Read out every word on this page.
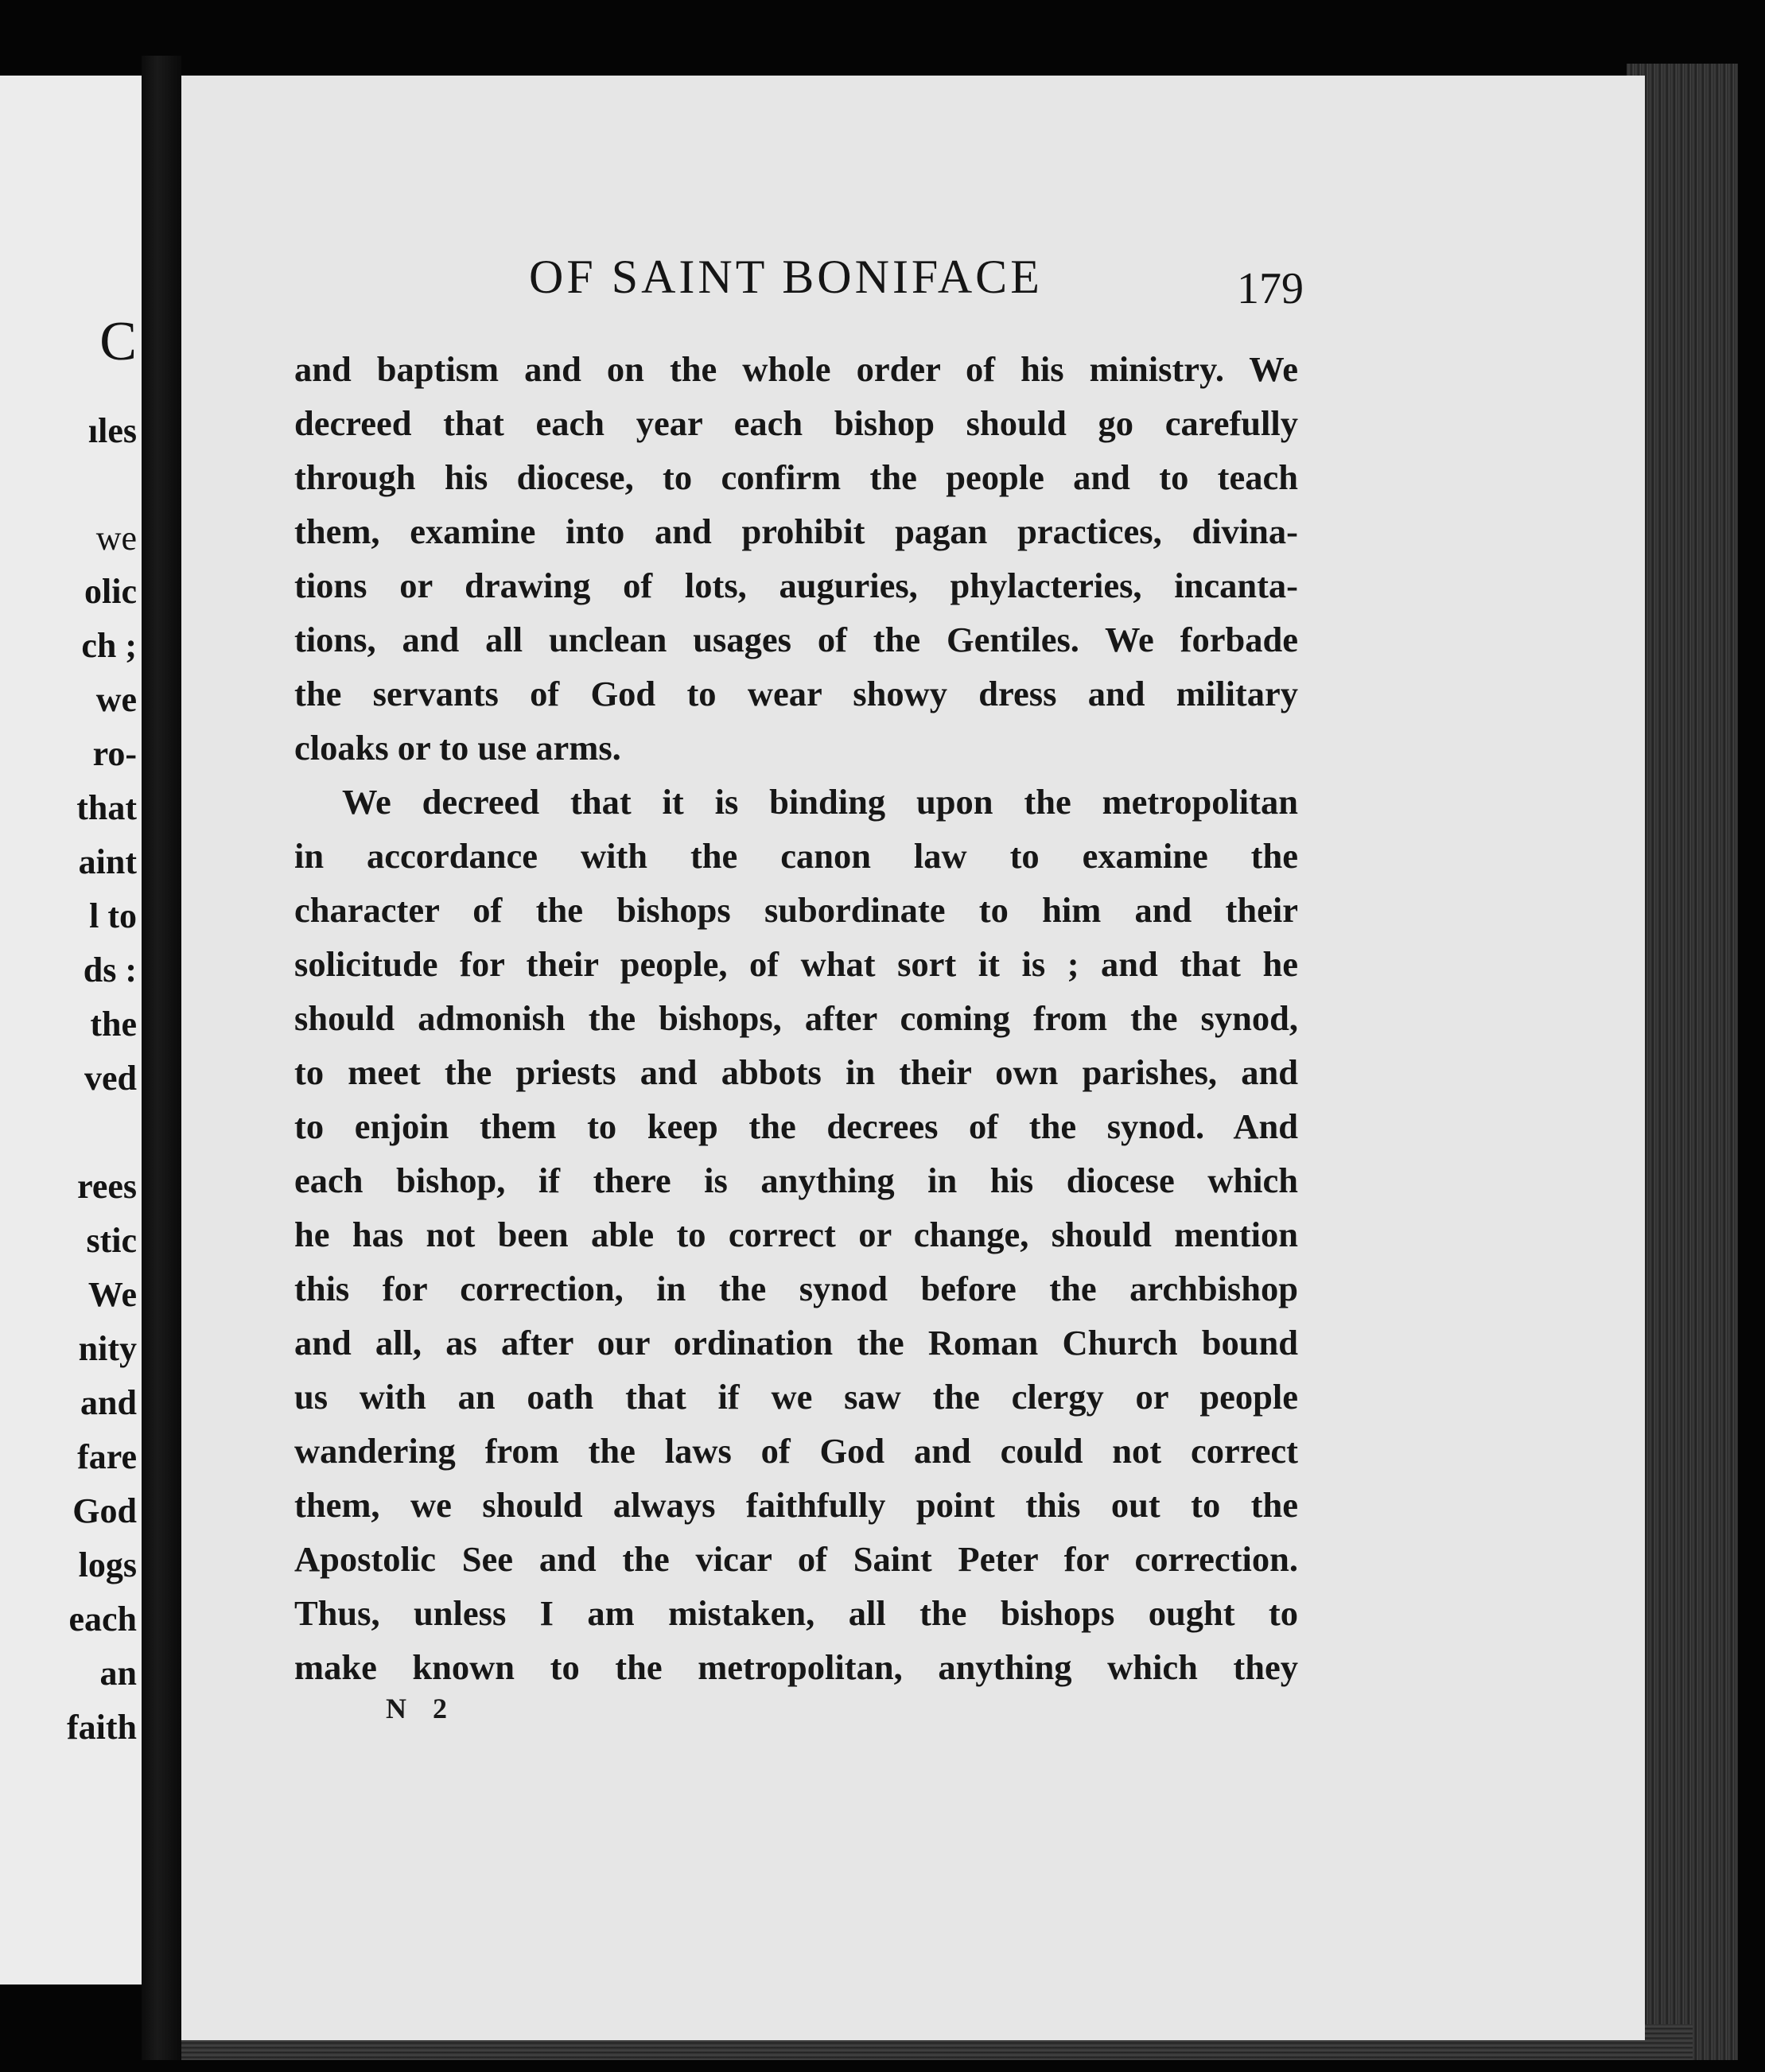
C
ıles
we
olic
ch ;
we
ro-
that
aint
l to
ds :
the
ved
rees
stic
We
nity
and
fare
God
logs
each
an
faith
OF SAINT BONIFACE	179
and baptism and on the whole order of his ministry. We
decreed that each year each bishop should go carefully
through his diocese, to confirm the people and to teach
them, examine into and prohibit pagan practices, divina-
tions or drawing of lots, auguries, phylacteries, incanta-
tions, and all unclean usages of the Gentiles. We forbade
the servants of God to wear showy dress and military
cloaks or to use arms.
We decreed that it is binding upon the metropolitan
in accordance with the canon law to examine the
character of the bishops subordinate to him and their
solicitude for their people, of what sort it is ; and that he
should admonish the bishops, after coming from the synod,
to meet the priests and abbots in their own parishes, and
to enjoin them to keep the decrees of the synod. And
each bishop, if there is anything in his diocese which
he has not been able to correct or change, should mention
this for correction, in the synod before the archbishop
and all, as after our ordination the Roman Church bound
us with an oath that if we saw the clergy or people
wandering from the laws of God and could not correct
them, we should always faithfully point this out to the
Apostolic See and the vicar of Saint Peter for correction.
Thus, unless I am mistaken, all the bishops ought to
make known to the metropolitan, anything which they
N 2
